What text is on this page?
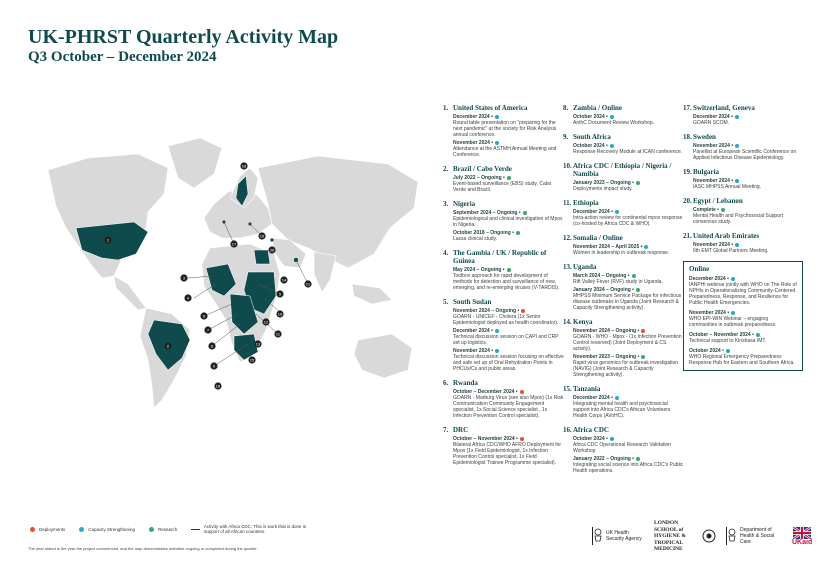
UK-PHRST Quarterly Activity Map
Q3 October – December 2024
1
2
3
4
5
6
7
8
9
10
11
12
13
14
15
16
17
18
19
20
21
1. United States of America
December 2024 •
Round table presentation on "preparing for the next pandemic" at the society for Risk Analysis annual conference.
November 2024 •
Attendance at the ASTMH Annual Meeting and Conference.
2. Brazil / Cabo Verde
July 2022 – Ongoing •
Event-based surveillance (EBS) study, Cabo Verde and Brazil.
3. Nigeria
September 2024 – Ongoing •
Epidemiological and clinical investigation of Mpox in Nigeria.
October 2018 – Ongoing •
Lassa clinical study.
4. The Gambia / UK / Republic of Guinea
May 2024 – Ongoing •
Toolbox approach for rapid development of methods for detection and surveillance of new, emerging, and re-emerging viruses (V-TARDIS).
5. South Sudan
November 2024 – Ongoing •
GOARN - UNICEF - Cholera (1x Senior Epidemiologist deployed as health coordinator).
December 2024 •
Technical discussion session on CAPI and CRP set up logistics.
November 2024 •
Technical discussion session focusing on effective and safe set up of Oral Rehydration Points in PHCUs/Cs and public areas.
6. Rwanda
October – December 2024 •
GOARN - Marburg Virus (see also Mpox) (1x Risk Communication Community Engagement specialist, 1x Social Science specialist , 1x Infection Prevention Control specialist).
7. DRC
October – November 2024 •
Bilateral Africa CDC/WHO AFRO Deployment for Mpox (1x Field Epidemiologist, 1x Infection Prevention Control specialist, 1x Field Epidemiologist Trainee Programme specialist).
8. Zambia / Online
October 2024 •
AnthC Document Review Workshop.
9. South Africa
October 2024 •
Response Recovery Module at ICAN conference.
10. Africa CDC / Ethiopia / Nigeria / Namibia
January 2023 – Ongoing •
Deployments impact study.
11. Ethiopia
December 2024 •
Intra-action review for continental mpox response (co-hosted by Africa CDC & WHO).
12. Somalia / Online
November 2024 – April 2025 •
Women in leadership in outbreak response.
13. Uganda
March 2024 – Ongoing •
Rift Valley Fever (RVF) study in Uganda.
January 2024 – Ongoing •
MHPSS Minimum Service Package for infectious disease outbreaks in Uganda (Joint Research & Capacity Strengthening activity).
14. Kenya
November 2024 – Ongoing •
GOARN - WHO - Mpox - (1x Infection Prevention Control reserved) (Joint Deployment & CS activity).
November 2023 – Ongoing •
Rapid virus genomics for outbreak investigation (NAVIG) (Joint Research & Capacity Strengthening activity).
15. Tanzania
December 2024 •
Integrating mental health and psychosocial support into Africa CDC's African Volunteers Health Corps (AVoHC).
16. Africa CDC
October 2024 •
Africa CDC Operational Research Validation Workshop.
January 2022 – Ongoing •
Integrating social science into Africa CDC's Public Health operations.
17. Switzerland, Geneva
December 2024 •
GOARN SCOM.
18. Sweden
November 2024 •
Panellist at European Scientific Conference on Applied Infectious Disease Epidemiology.
19. Bulgaria
November 2024 •
IASC MHPSS Annual Meeting.
20. Egypt / Lebanon
Complete •
Mental Health and Psychosocial Support consensus study.
21. United Arab Emirates
November 2024 •
6th EMT Global Partners Meeting.
Online
December 2024 •
IANPHI webinar jointly with WHO on The Role of NPHIs in Operationalizing Community-Centered Preparedness, Response, and Resilience for Public Health Emergencies.
November 2024 •
WHO EPI-WIN Webinar – engaging communities in outbreak preparedness.
October – November 2024 •
Technical support to Kinshasa IMT.
October 2024 •
WHO Regional Emergency Preparedness Response Hub for Eastern and Southern Africa.
Deployments	Capacity Strengthening	Research	Activity with Africa CDC. This is work that is done in support of all African countries.
The year stated is the year the project commenced, and the map demonstrates activities ongoing or completed during the quarter.
UK Health Security Agency
LONDON SCHOOL of HYGIENE & TROPICAL MEDICINE
Department of Health & Social Care	UKaid
